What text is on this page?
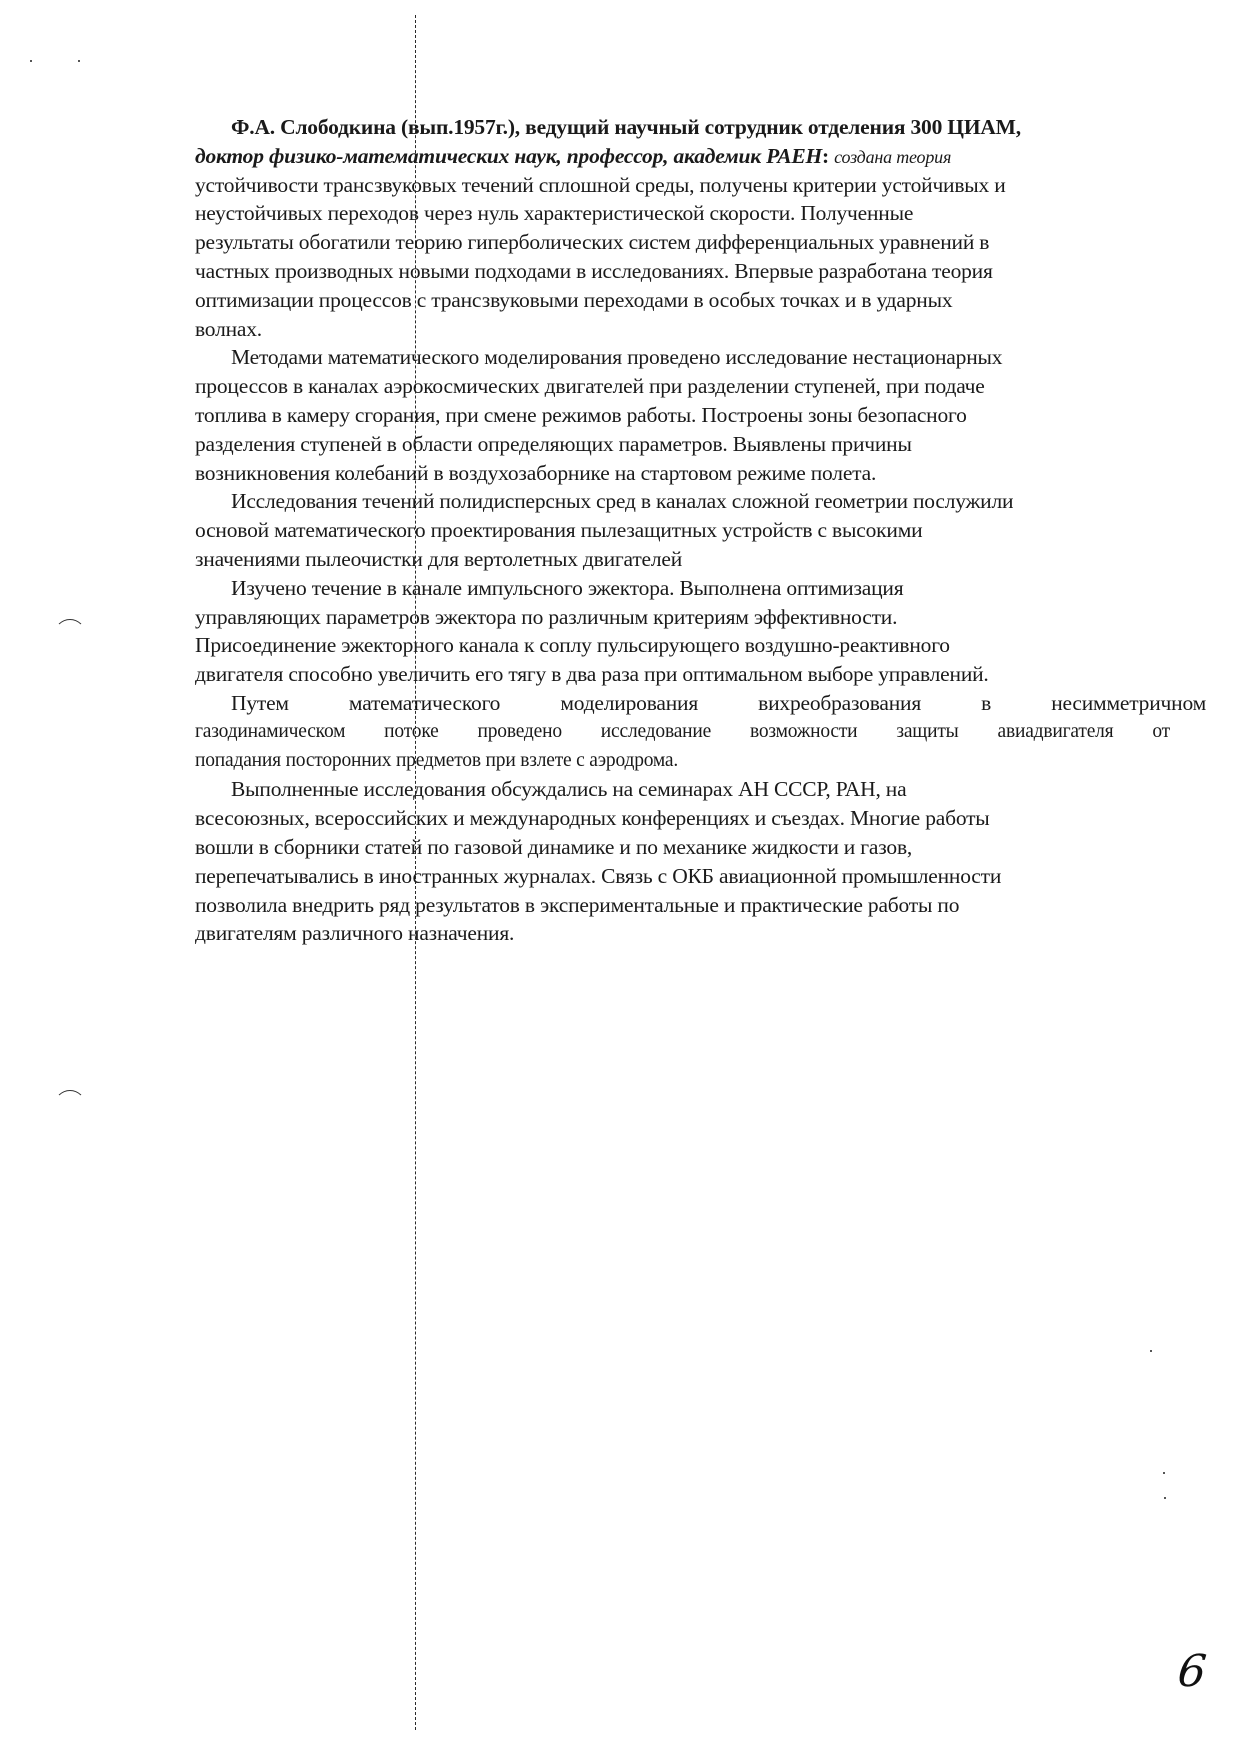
Ф.А. Слободкина (вып.1957г.), ведущий научный сотрудник отделения 300 ЦИАМ,
доктор физико-математических наук, профессор, академик РАЕН: создана теория
устойчивости трансзвуковых течений сплошной среды, получены критерии устойчивых и
неустойчивых переходов через нуль характеристической скорости. Полученные
результаты обогатили теорию гиперболических систем дифференциальных уравнений в
частных производных новыми подходами в исследованиях. Впервые разработана теория
оптимизации процессов с трансзвуковыми переходами в особых точках и в ударных
волнах.
Методами математического моделирования проведено исследование нестационарных
процессов в каналах аэрокосмических двигателей при разделении ступеней, при подаче
топлива в камеру сгорания, при смене режимов работы. Построены зоны безопасного
разделения ступеней в области определяющих параметров. Выявлены причины
возникновения колебаний в воздухозаборнике на стартовом режиме полета.
Исследования течений полидисперсных сред в каналах сложной геометрии послужили
основой математического проектирования пылезащитных устройств с высокими
значениями пылеочистки для вертолетных двигателей
Изучено течение в канале импульсного эжектора. Выполнена оптимизация
управляющих параметров эжектора по различным критериям эффективности.
Присоединение эжекторного канала к соплу пульсирующего воздушно-реактивного
двигателя способно увеличить его тягу в два раза при оптимальном выборе управлений.
Путем математического моделирования вихреобразования в несимметричном
газодинамическом потоке проведено исследование возможности защиты авиадвигателя от
попадания посторонних предметов при взлете с аэродрома.
Выполненные исследования обсуждались на семинарах АН СССР, РАН, на
всесоюзных, всероссийских и международных конференциях и съездах. Многие работы
вошли в сборники статей по газовой динамике и по механике жидкости и газов,
перепечатывались в иностранных журналах. Связь с ОКБ авиационной промышленности
позволила внедрить ряд результатов в экспериментальные и практические работы по
двигателям различного назначения.
6
